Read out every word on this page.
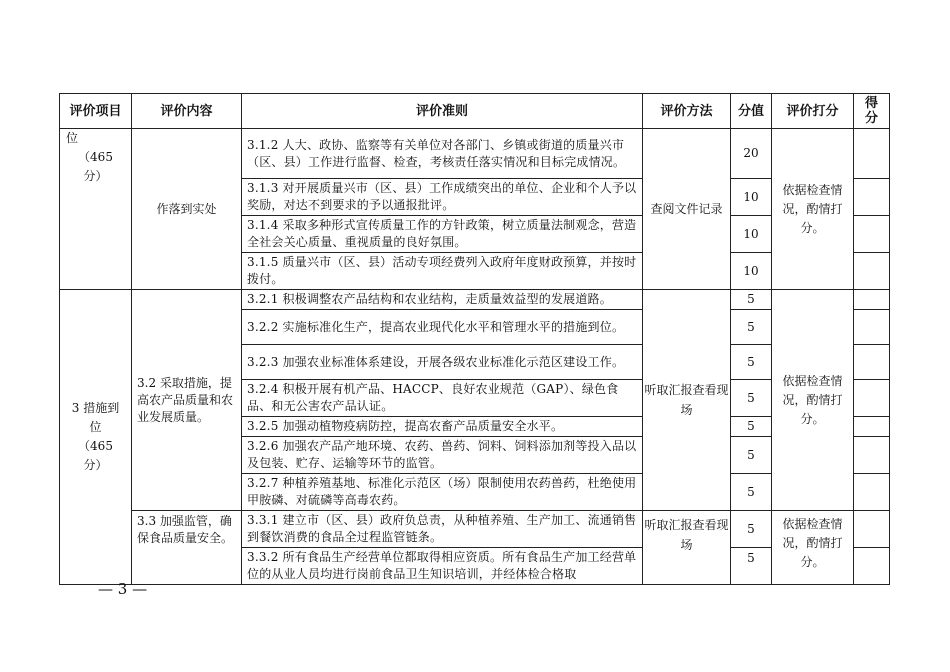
评价项目	评价内容	评价准则	评价方法	分值	评价打分	得分

位
（465
分）	作落到实处	3.1.2 人大、政协、监察等有关单位对各部门、乡镇或街道的质量兴市（区、县）工作进行监督、检查，考核责任落实情况和目标完成情况。	查阅文件记录	20	依据检查情况，酌情打分。	
		3.1.3 对开展质量兴市（区、县）工作成绩突出的单位、企业和个人予以奖励，对达不到要求的予以通报批评。		10		
		3.1.4 采取多种形式宣传质量工作的方针政策，树立质量法制观念，营造全社会关心质量、重视质量的良好氛围。		10		
		3.1.5 质量兴市（区、县）活动专项经费列入政府年度财政预算，并按时拨付。		10		

3 措施到
位
（465
分）	3.2 采取措施，提高农产品质量和农业发展质量。	3.2.1 积极调整农产品结构和农业结构，走质量效益型的发展道路。	听取汇报查看现场	5	依据检查情况，酌情打分。	
		3.2.2 实施标准化生产，提高农业现代化水平和管理水平的措施到位。		5		
		3.2.3 加强农业标准体系建设，开展各级农业标准化示范区建设工作。		5		
		3.2.4 积极开展有机产品、HACCP、良好农业规范（GAP）、绿色食品、和无公害农产品认证。		5		
		3.2.5 加强动植物疫病防控，提高农畜产品质量安全水平。		5		
		3.2.6 加强农产品产地环境、农药、兽药、饲料、饲料添加剂等投入品以及包装、贮存、运输等环节的监管。		5		
		3.2.7 种植养殖基地、标准化示范区（场）限制使用农药兽药，杜绝使用甲胺磷、对硫磷等高毒农药。		5		
	3.3 加强监管，确保食品质量安全。	3.3.1 建立市（区、县）政府负总责，从种植养殖、生产加工、流通销售到餐饮消费的食品全过程监管链条。	听取汇报查看现场	5	依据检查情况，酌情打分。	
		3.3.2 所有食品生产经营单位都取得相应资质。所有食品生产加工经营单位的从业人员均进行岗前食品卫生知识培训，并经体检合格取		5		
— 3 —
